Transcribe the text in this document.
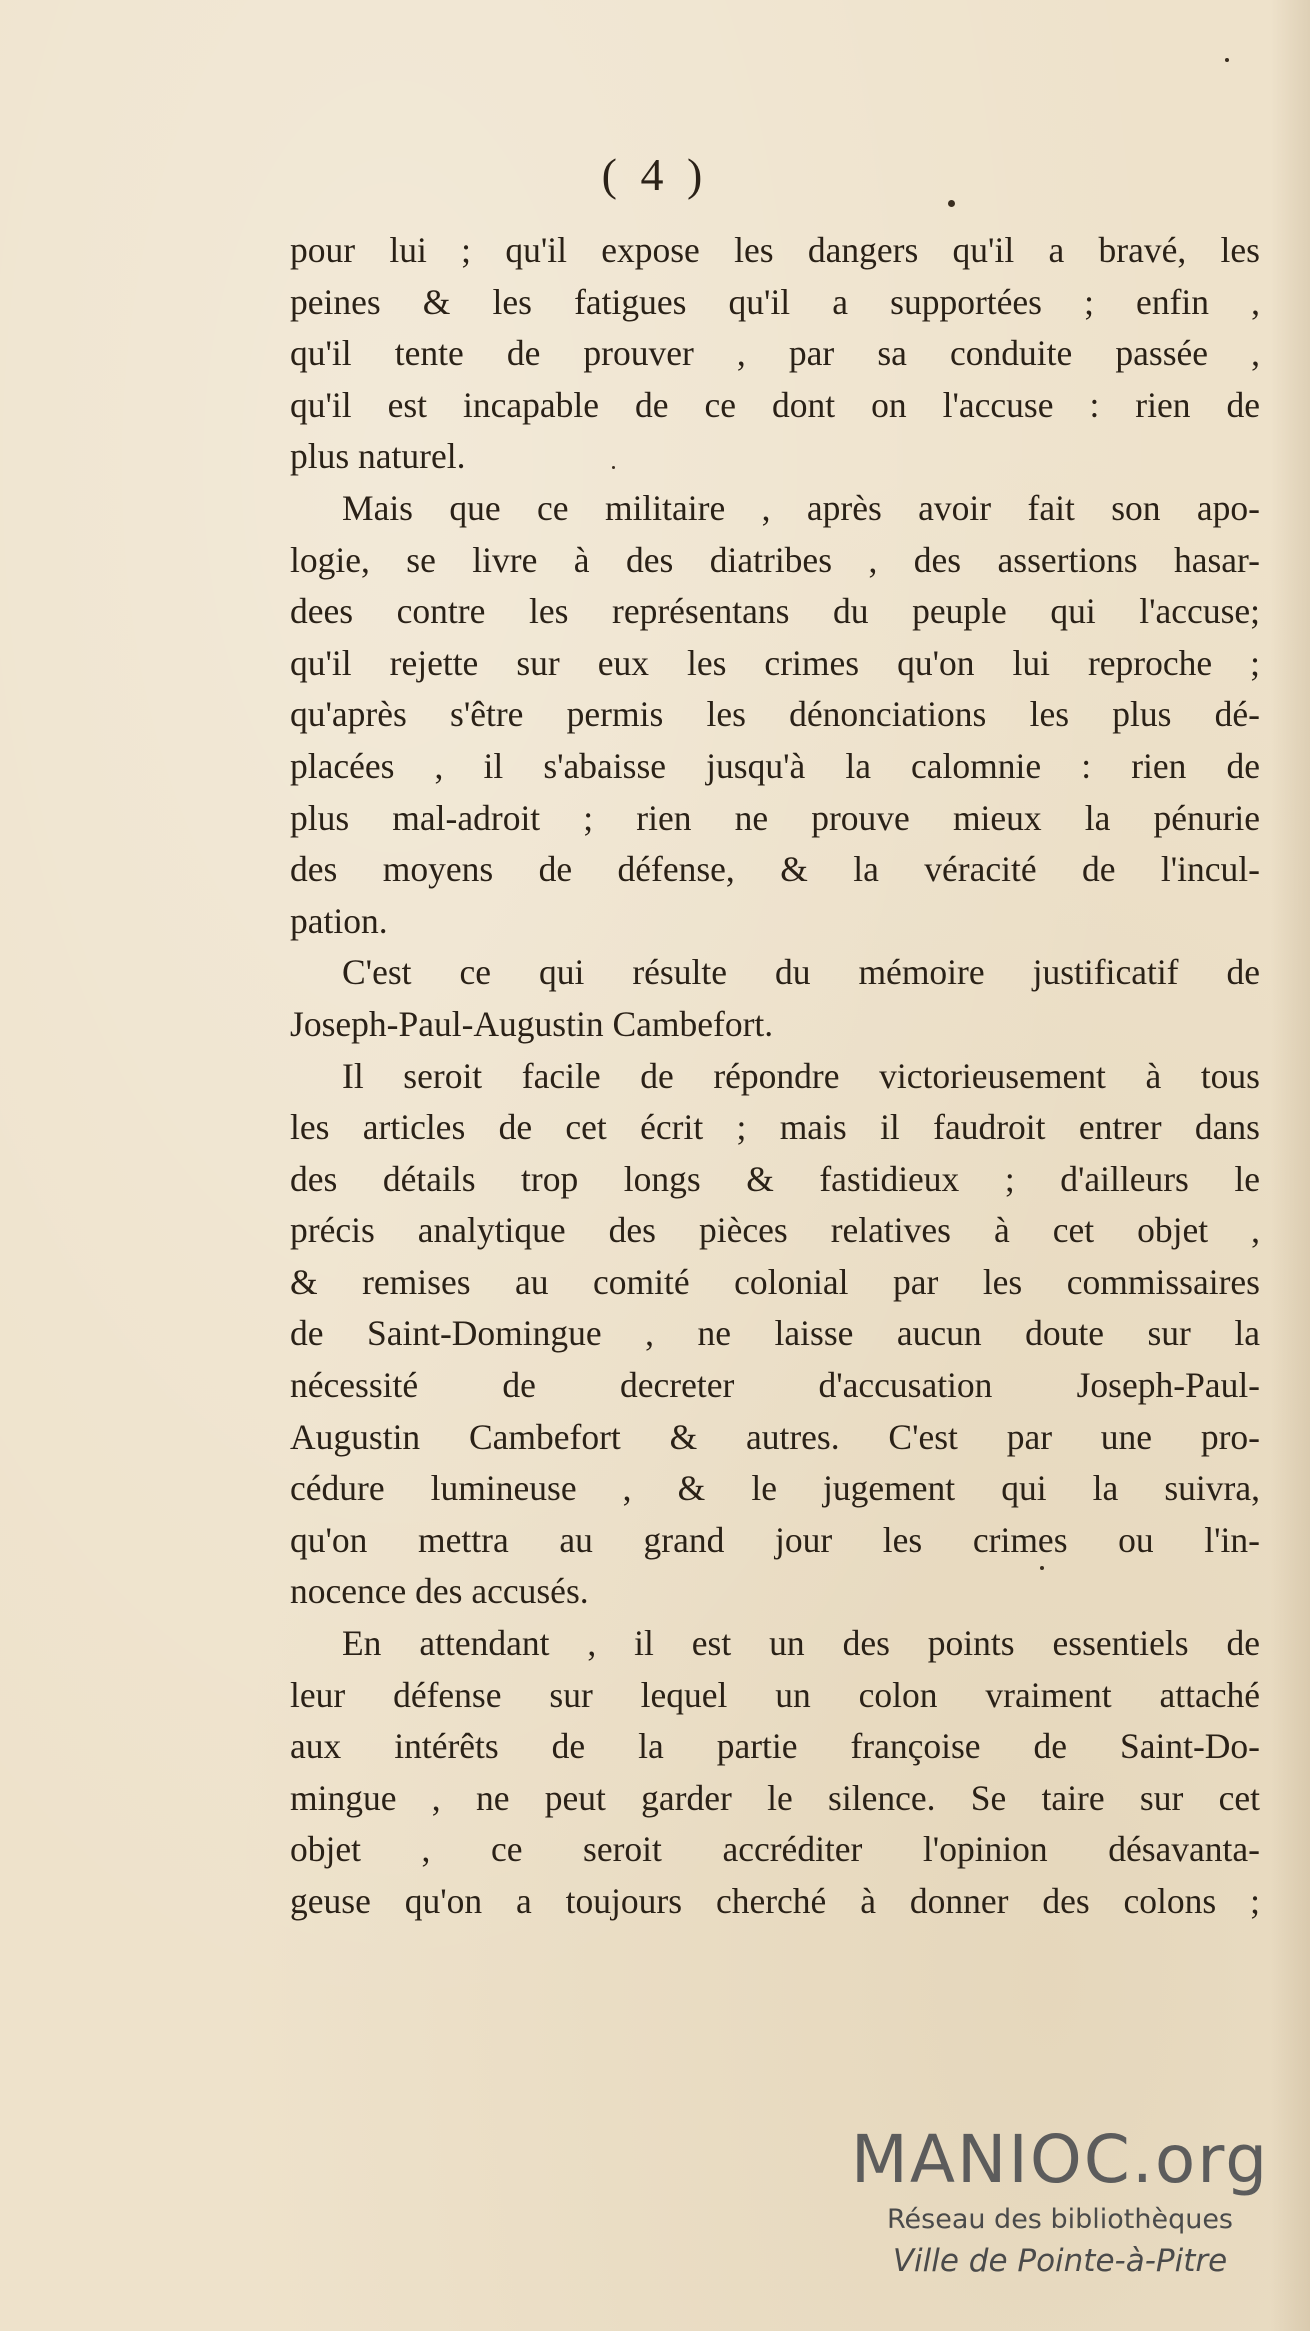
( 4 )
pour lui ; qu'il expose les dangers qu'il a bravé, les
peines & les fatigues qu'il a supportées ; enfin ,
qu'il tente de prouver , par sa conduite passée ,
qu'il est incapable de ce dont on l'accuse : rien de
plus naturel.
Mais que ce militaire , après avoir fait son apo-
logie, se livre à des diatribes , des assertions hasar-
dees contre les représentans du peuple qui l'accuse;
qu'il rejette sur eux les crimes qu'on lui reproche ;
qu'après s'être permis les dénonciations les plus dé-
placées , il s'abaisse jusqu'à la calomnie : rien de
plus mal-adroit ; rien ne prouve mieux la pénurie
des moyens de défense, & la véracité de l'incul-
pation.
C'est ce qui résulte du mémoire justificatif de
Joseph-Paul-Augustin Cambefort.
Il seroit facile de répondre victorieusement à tous
les articles de cet écrit ; mais il faudroit entrer dans
des détails trop longs & fastidieux ; d'ailleurs le
précis analytique des pièces relatives à cet objet ,
& remises au comité colonial par les commissaires
de Saint-Domingue , ne laisse aucun doute sur la
nécessité de decreter d'accusation Joseph-Paul-
Augustin Cambefort & autres. C'est par une pro-
cédure lumineuse , & le jugement qui la suivra,
qu'on mettra au grand jour les crimes ou l'in-
nocence des accusés.
En attendant , il est un des points essentiels de
leur défense sur lequel un colon vraiment attaché
aux intérêts de la partie françoise de Saint-Do-
mingue , ne peut garder le silence. Se taire sur cet
objet , ce seroit accréditer l'opinion désavanta-
geuse qu'on a toujours cherché à donner des colons ;
MANIOC.org
Réseau des bibliothèques
Ville de Pointe-à-Pitre
